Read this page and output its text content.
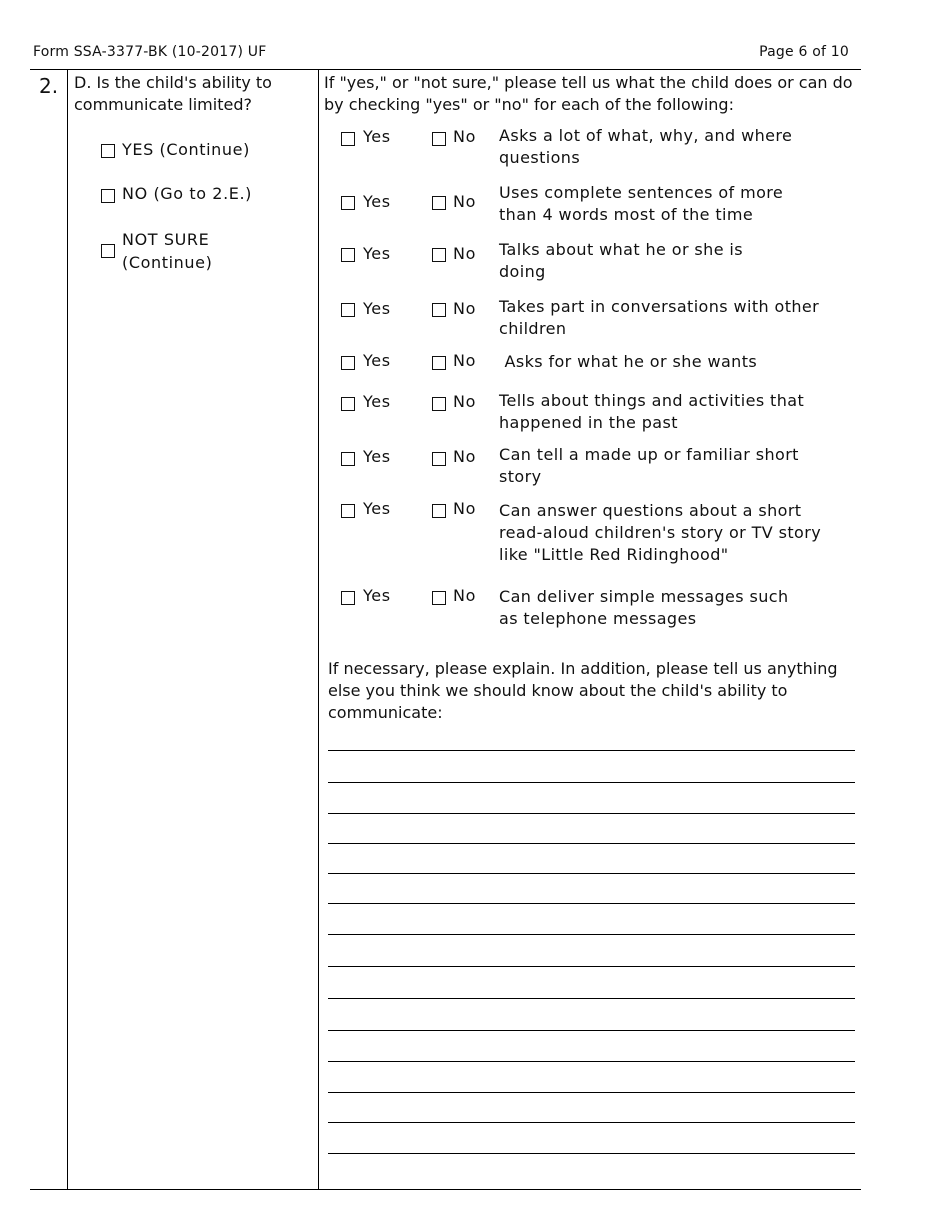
Form SSA-3377-BK (10-2017) UF	Page 6 of 10
2. D. Is the child's ability to communicate limited?
YES (Continue)
NO (Go to 2.E.)
NOT SURE (Continue)
If "yes," or "not sure," please tell us what the child does or can do by checking "yes" or "no" for each of the following:
Yes	No Asks a lot of what, why, and where questions
Yes	No Uses complete sentences of more than 4 words most of the time
Yes	No Talks about what he or she is doing
Yes	No Takes part in conversations with other children
Yes	No Asks for what he or she wants
Yes	No Tells about things and activities that happened in the past
Yes	No Can tell a made up or familiar short story
Yes	No Can answer questions about a short read-aloud children's story or TV story like "Little Red Ridinghood"
Yes	No Can deliver simple messages such as telephone messages
If necessary, please explain. In addition, please tell us anything else you think we should know about the child's ability to communicate:
